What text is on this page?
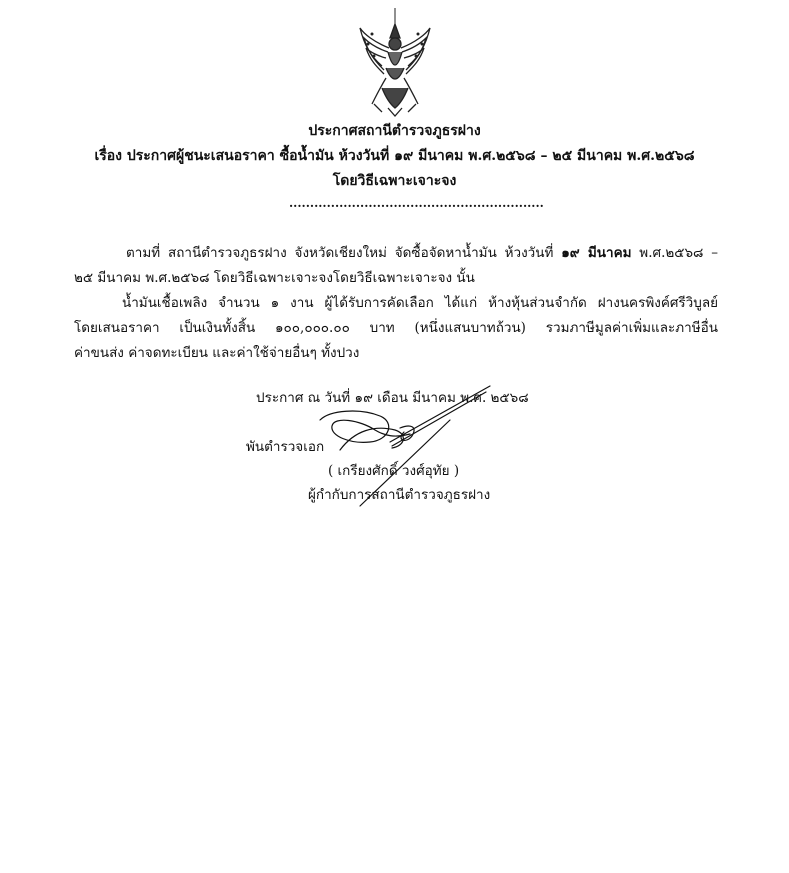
ประกาศสถานีตำรวจภูธรฝาง
เรื่อง ประกาศผู้ชนะเสนอราคา ซื้อน้ำมัน ห้วงวันที่ ๑๙ มีนาคม พ.ศ.๒๕๖๘ – ๒๕ มีนาคม พ.ศ.๒๕๖๘
โดยวิธีเฉพาะเจาะจง
.............................................................
ตามที่ สถานีตำรวจภูธรฝาง จังหวัดเชียงใหม่ จัดซื้อจัดหาน้ำมัน ห้วงวันที่ ๑๙ มีนาคม พ.ศ.๒๕๖๘ –
๒๕ มีนาคม พ.ศ.๒๕๖๘ โดยวิธีเฉพาะเจาะจงโดยวิธีเฉพาะเจาะจง นั้น
น้ำมันเชื้อเพลิง จำนวน ๑ งาน ผู้ได้รับการคัดเลือก ได้แก่ ห้างหุ้นส่วนจำกัด ฝางนครพิงค์ศรีวิบูลย์
โดยเสนอราคา เป็นเงินทั้งสิ้น ๑๐๐,๐๐๐.๐๐ บาท (หนึ่งแสนบาทถ้วน) รวมภาษีมูลค่าเพิ่มและภาษีอื่น
ค่าขนส่ง ค่าจดทะเบียน และค่าใช้จ่ายอื่นๆ ทั้งปวง
ประกาศ ณ วันที่ ๑๙ เดือน มีนาคม พ.ศ. ๒๕๖๘
พันตำรวจเอก
( เกรียงศักดิ์ วงศ์อุทัย )
ผู้กำกับการสถานีตำรวจภูธรฝาง
